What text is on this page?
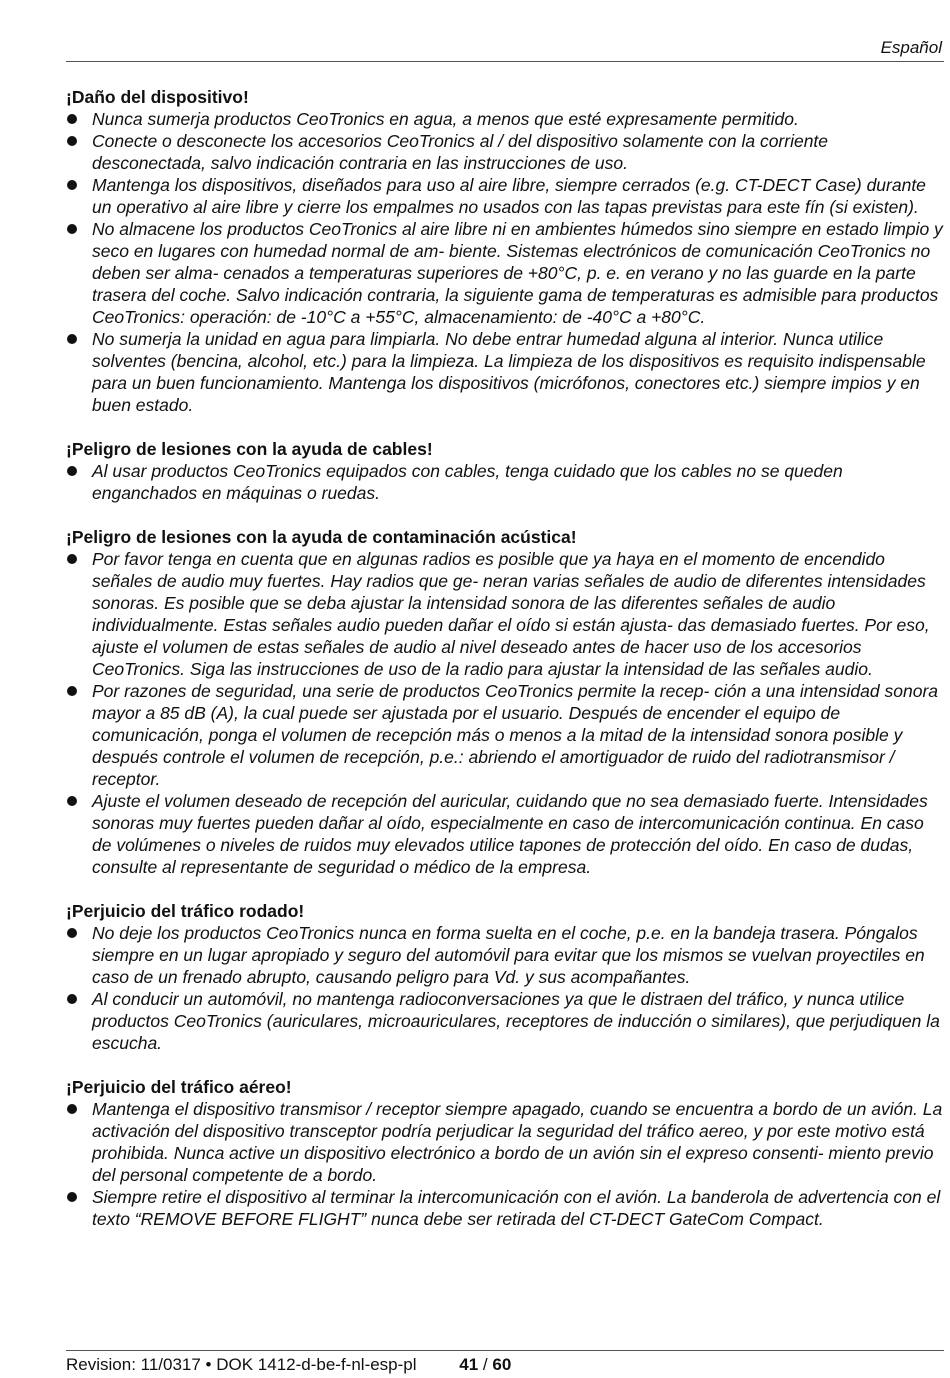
Español

¡Daño del dispositivo!

Nunca sumerja productos CeoTronics en agua, a menos que esté expresamente permitido.
Conecte o desconecte los accesorios CeoTronics al / del dispositivo solamente con la corriente desconectada, salvo indicación contraria en las instrucciones de uso.
Mantenga los dispositivos, diseñados para uso al aire libre, siempre cerrados (e.g. CT-DECT Case) durante un operativo al aire libre y cierre los empalmes no usados con las tapas previstas para este fín (si existen).
No almacene los productos CeoTronics al aire libre ni en ambientes húmedos sino siempre en estado limpio y seco en lugares con humedad normal de am- biente. Sistemas electrónicos de comunicación CeoTronics no deben ser alma- cenados a temperaturas superiores de +80°C, p. e. en verano y no las guarde en la parte trasera del coche. Salvo indicación contraria, la siguiente gama de temperaturas es admisible para productos CeoTronics: operación: de -10°C a +55°C, almacenamiento: de -40°C a +80°C.
No sumerja la unidad en agua para limpiarla. No debe entrar humedad alguna al interior. Nunca utilice solventes (bencina, alcohol, etc.) para la limpieza. La limpieza de los dispositivos es requisito indispensable para un buen funcionamiento. Mantenga los dispositivos (micrófonos, conectores etc.) siempre impios y en buen estado.

¡Peligro de lesiones con la ayuda de cables!

Al usar productos CeoTronics equipados con cables, tenga cuidado que los cables no se queden enganchados en máquinas o ruedas.

¡Peligro de lesiones con la ayuda de contaminación acústica!

Por favor tenga en cuenta que en algunas radios es posible que ya haya en el momento de encendido señales de audio muy fuertes. Hay radios que ge- neran varias señales de audio de diferentes intensidades sonoras. Es posible que se deba ajustar la intensidad sonora de las diferentes señales de audio individualmente. Estas señales audio pueden dañar el oído si están ajusta- das demasiado fuertes. Por eso, ajuste el volumen de estas señales de audio al nivel deseado antes de hacer uso de los accesorios CeoTronics. Siga las instrucciones de uso de la radio para ajustar la intensidad de las señales audio.
Por razones de seguridad, una serie de productos CeoTronics permite la recep- ción a una intensidad sonora mayor a 85 dB (A), la cual puede ser ajustada por el usuario. Después de encender el equipo de comunicación, ponga el volumen de recepción más o menos a la mitad de la intensidad sonora posible y después controle el volumen de recepción, p.e.: abriendo el amortiguador de ruido del radiotransmisor / receptor.
Ajuste el volumen deseado de recepción del auricular, cuidando que no sea demasiado fuerte. Intensidades sonoras muy fuertes pueden dañar al oído, especialmente en caso de intercomunicación continua. En caso de volúmenes o niveles de ruidos muy elevados utilice tapones de protección del oído. En caso de dudas, consulte al representante de seguridad o médico de la empresa.

¡Perjuicio del tráfico rodado!

No deje los productos CeoTronics nunca en forma suelta en el coche, p.e. en la bandeja trasera. Póngalos siempre en un lugar apropiado y seguro del automóvil para evitar que los mismos se vuelvan proyectiles en caso de un frenado abrupto, causando peligro para Vd. y sus acompañantes.
Al conducir un automóvil, no mantenga radioconversaciones ya que le distraen del tráfico, y nunca utilice productos CeoTronics (auriculares, microauriculares, receptores de inducción o similares), que perjudiquen la escucha.

¡Perjuicio del tráfico aéreo!

Mantenga el dispositivo transmisor / receptor siempre apagado, cuando se encuentra a bordo de un avión. La activación del dispositivo transceptor podría perjudicar la seguridad del tráfico aereo, y por este motivo está prohibida. Nunca active un dispositivo electrónico a bordo de un avión sin el expreso consenti- miento previo del personal competente de a bordo.
Siempre retire el dispositivo al terminar la intercomunicación con el avión. La banderola de advertencia con el texto “REMOVE BEFORE FLIGHT” nunca debe ser retirada del CT-DECT GateCom Compact.
Revision: 11/0317 • DOK 1412-d-be-f-nl-esp-pl	41 / 60
